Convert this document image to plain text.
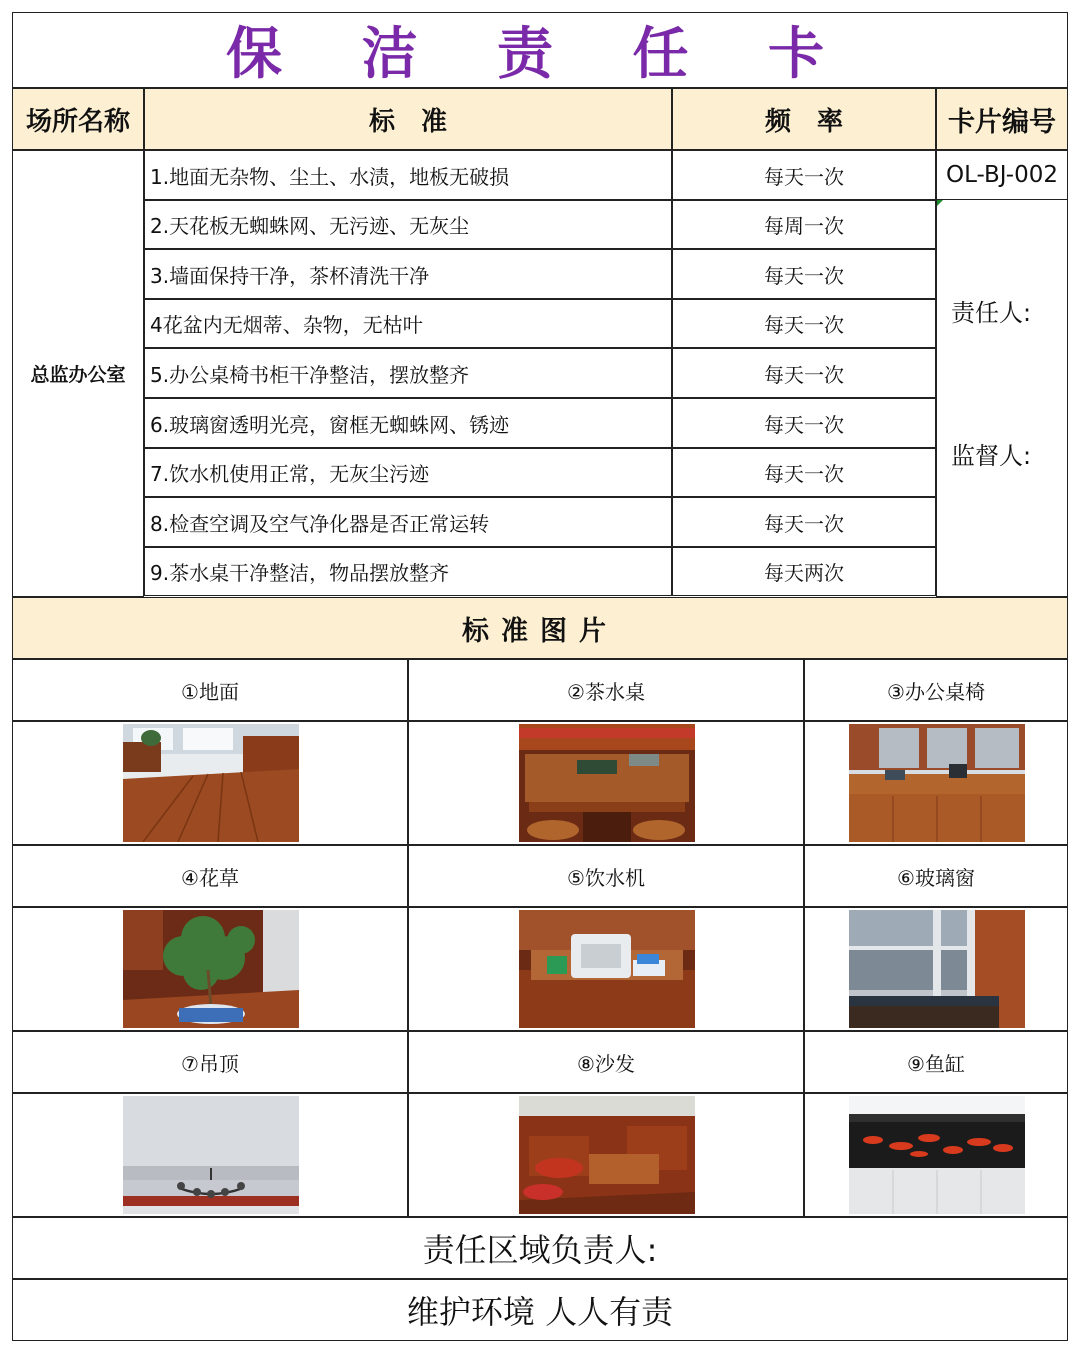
保 洁 责 任 卡
场所名称	标　准	频　率	卡片编号
总监办公室
1.地面无杂物、尘土、水渍，地板无破损	每天一次
2.天花板无蜘蛛网、无污迹、无灰尘	每周一次
3.墙面保持干净，茶杯清洗干净	每天一次
4花盆内无烟蒂、杂物，无枯叶	每天一次
5.办公桌椅书柜干净整洁，摆放整齐	每天一次
6.玻璃窗透明光亮，窗框无蜘蛛网、锈迹	每天一次
7.饮水机使用正常，无灰尘污迹	每天一次
8.检查空调及空气净化器是否正常运转	每天一次
9.茶水桌干净整洁，物品摆放整齐	每天两次
OL-BJ-002
责任人:
监督人:
标准图片
①地面	②茶水桌	③办公桌椅
④花草	⑤饮水机	⑥玻璃窗
⑦吊顶	⑧沙发	⑨鱼缸
责任区域负责人:
维护环境 人人有责
